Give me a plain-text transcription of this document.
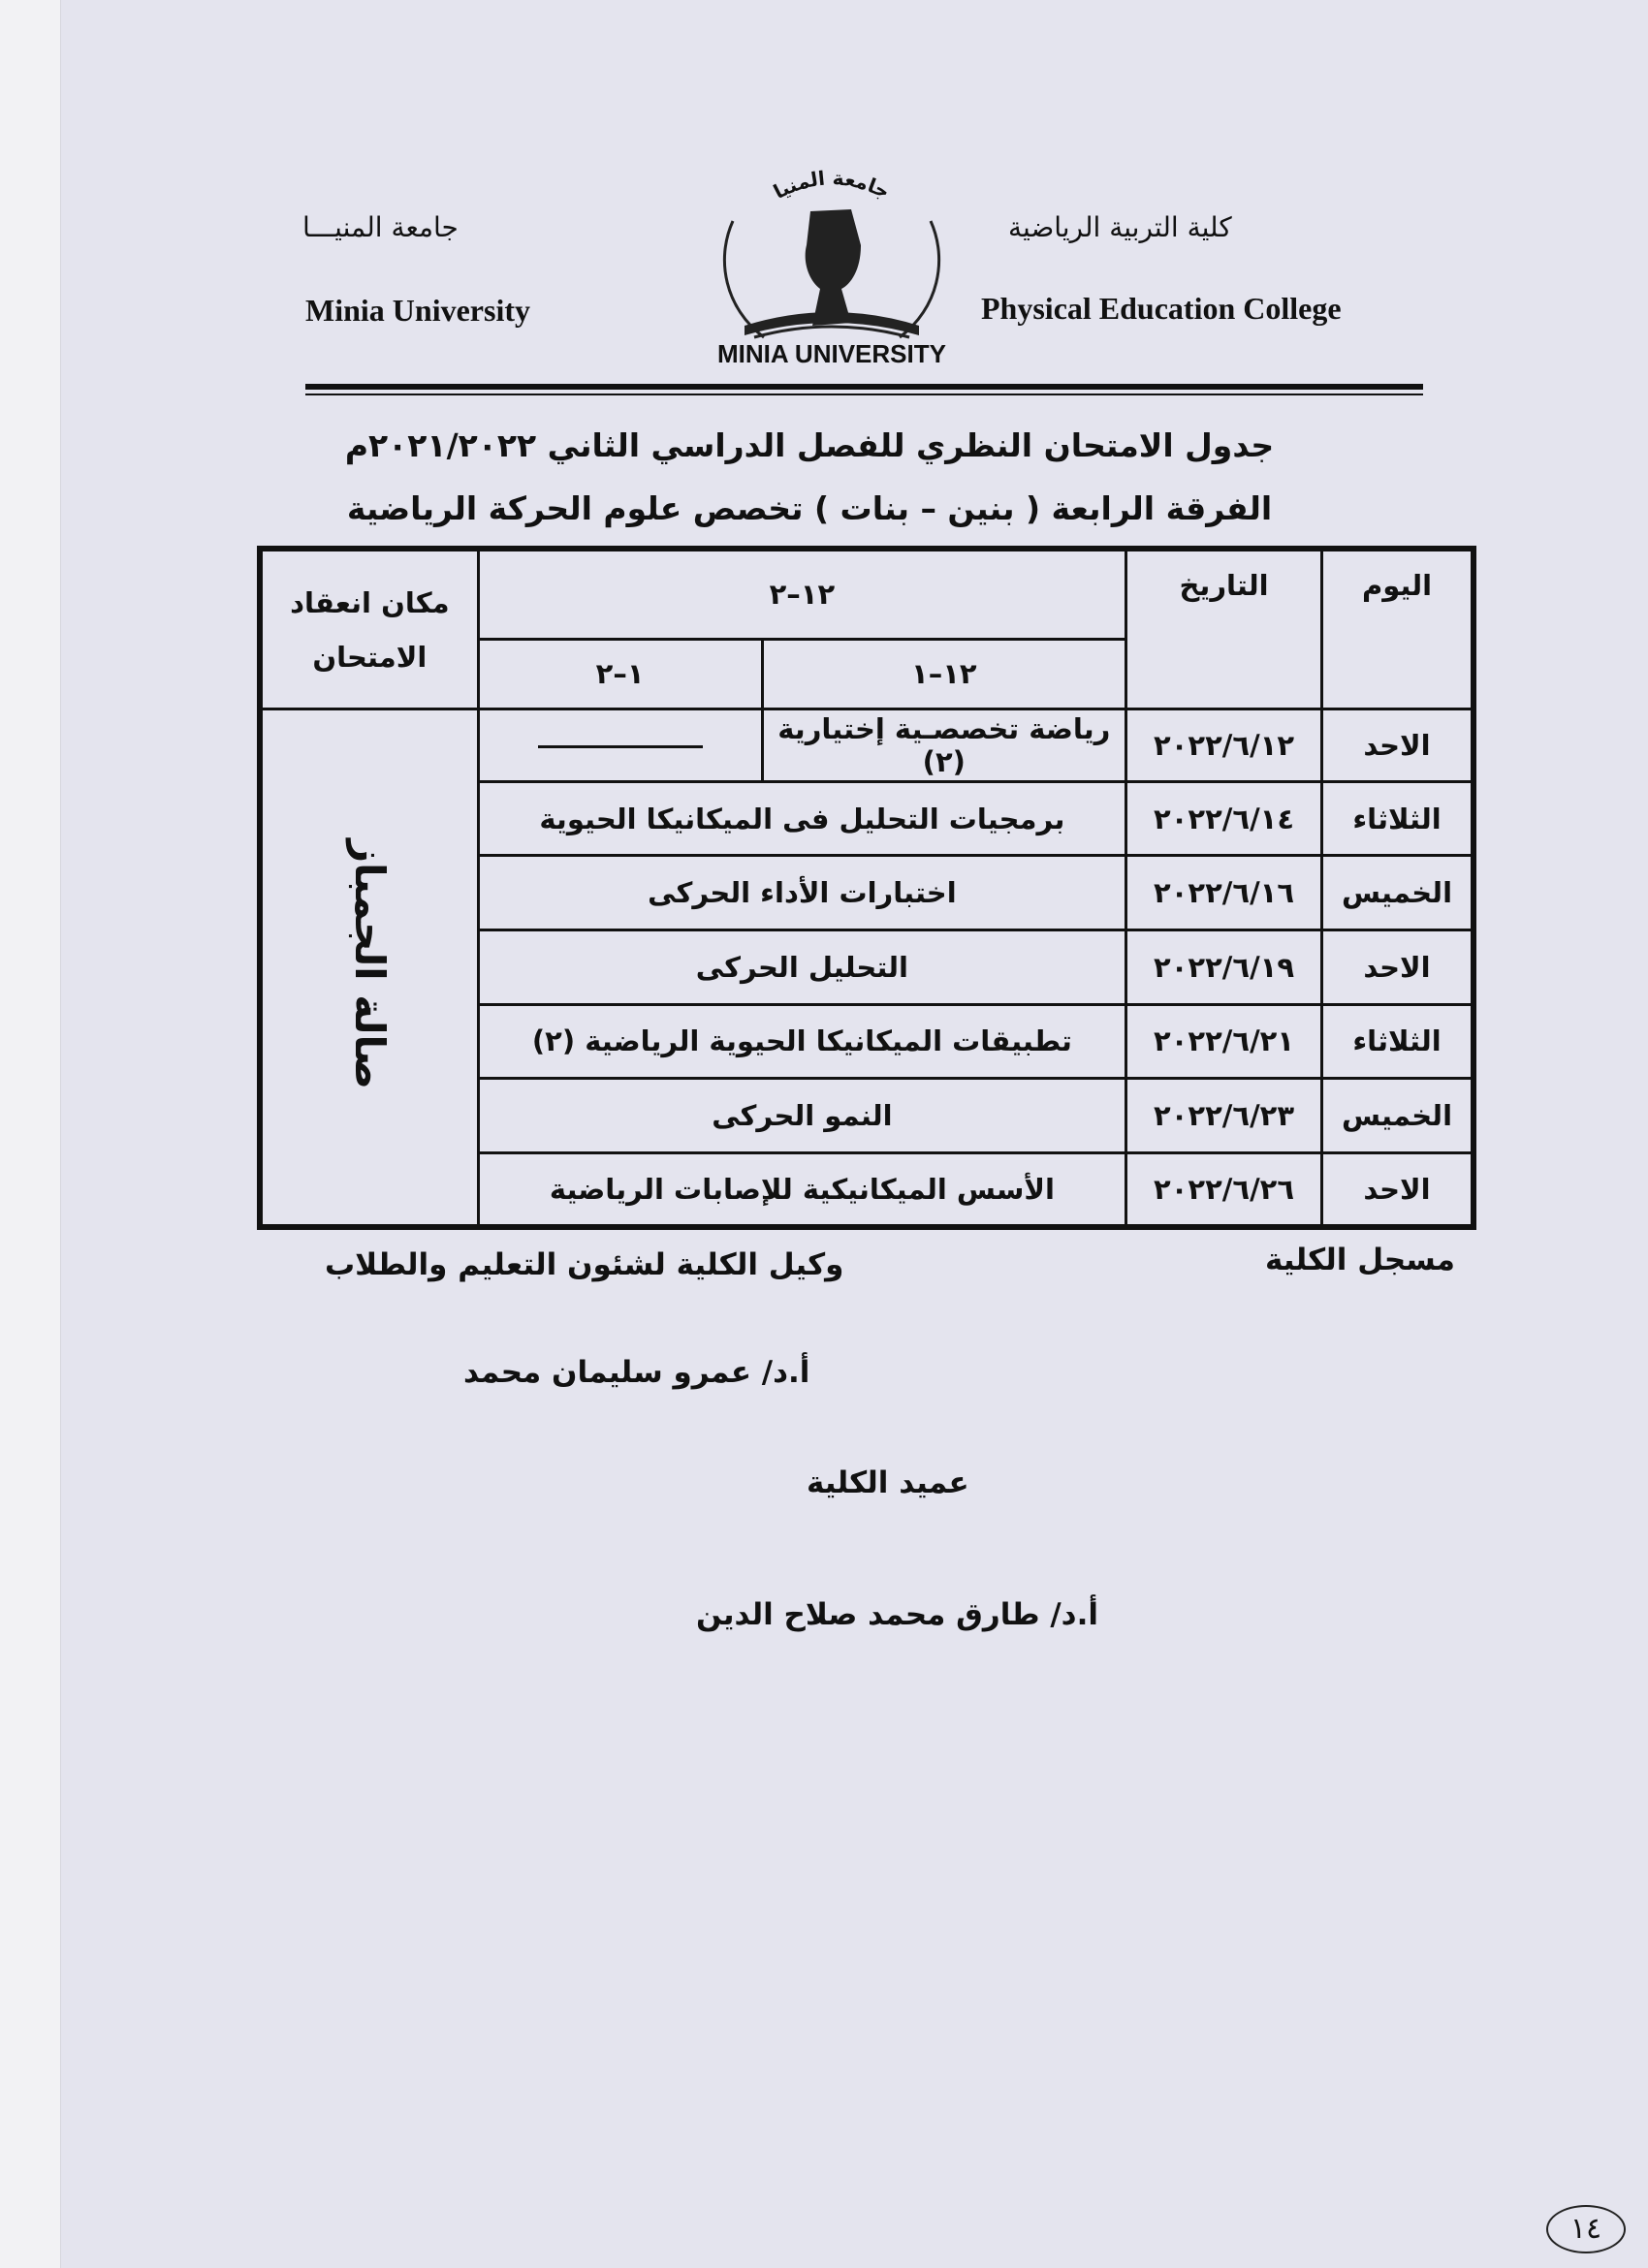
كلية التربية الرياضية
Physical Education College
جامعة المنيـــا
Minia University
جامعة المنيا
MINIA UNIVERSITY
جدول الامتحان النظري للفصل الدراسي الثاني ٢٠٢١/٢٠٢٢م
الفرقة الرابعة ( بنين – بنات ) تخصص علوم الحركة الرياضية
اليوم	التاريخ	١٢–٢		مكان انعقاد الامتحان
		١٢–١	١–٢	
الاحد	٢٠٢٢/٦/١٢	رياضة تخصصـية إختيارية (٢)		صالة الجمباز
الثلاثاء	٢٠٢٢/٦/١٤	برمجيات التحليل فى الميكانيكا الحيوية		
الخميس	٢٠٢٢/٦/١٦	اختبارات الأداء الحركى		
الاحد	٢٠٢٢/٦/١٩	التحليل الحركى		
الثلاثاء	٢٠٢٢/٦/٢١	تطبيقات الميكانيكا الحيوية الرياضية (٢)		
الخميس	٢٠٢٢/٦/٢٣	النمو الحركى		
الاحد	٢٠٢٢/٦/٢٦	الأسس الميكانيكية للإصابات الرياضية		
مسجل الكلية
وكيل الكلية لشئون التعليم والطلاب
أ.د/ عمرو سليمان محمد
عميد الكلية
أ.د/ طارق محمد صلاح الدين
١٤
